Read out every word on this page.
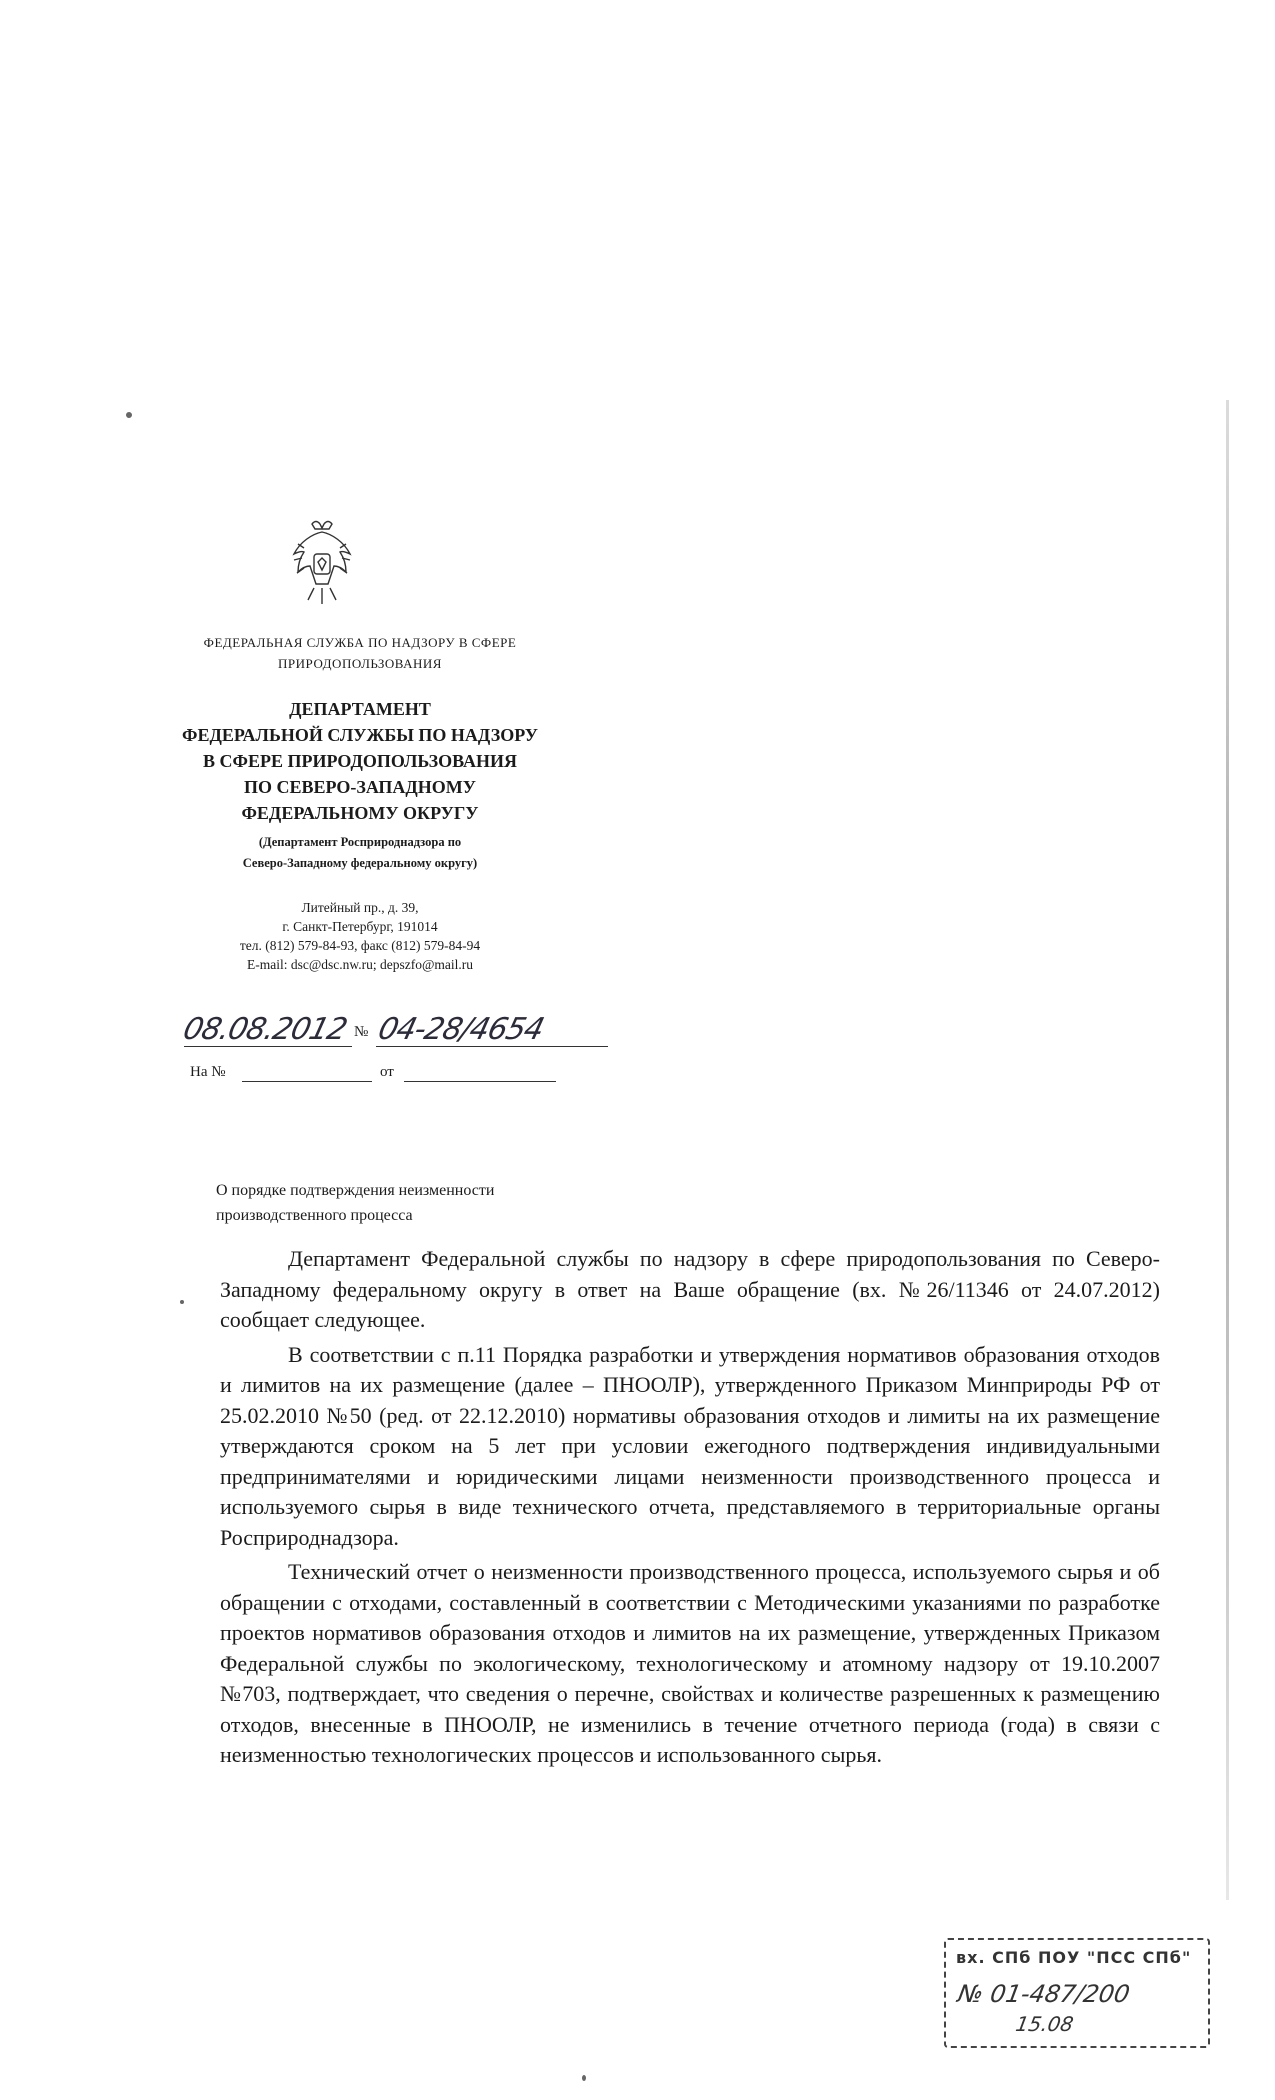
ФЕДЕРАЛЬНАЯ СЛУЖБА ПО НАДЗОРУ В СФЕРЕ
ПРИРОДОПОЛЬЗОВАНИЯ
ДЕПАРТАМЕНТ
ФЕДЕРАЛЬНОЙ СЛУЖБЫ ПО НАДЗОРУ
В СФЕРЕ ПРИРОДОПОЛЬЗОВАНИЯ
ПО СЕВЕРО-ЗАПАДНОМУ
ФЕДЕРАЛЬНОМУ ОКРУГУ
(Департамент Росприроднадзора по
Северо-Западному федеральному округу)
Литейный пр., д. 39,
г. Санкт-Петербург, 191014
тел. (812) 579-84-93, факс (812) 579-84-94
E-mail: dsc@dsc.nw.ru; depszfo@mail.ru
08.08.2012 № 04-28/4654
На №	от
О порядке подтверждения неизменности
производственного процесса

Департамент Федеральной службы по надзору в сфере природопользования по Северо-Западному федеральному округу в ответ на Ваше обращение (вх. №26/11346 от 24.07.2012) сообщает следующее.

В соответствии с п.11 Порядка разработки и утверждения нормативов образования отходов и лимитов на их размещение (далее – ПНООЛР), утвержденного Приказом Минприроды РФ от 25.02.2010 №50 (ред. от 22.12.2010) нормативы образования отходов и лимиты на их размещение утверждаются сроком на 5 лет при условии ежегодного подтверждения индивидуальными предпринимателями и юридическими лицами неизменности производственного процесса и используемого сырья в виде технического отчета, представляемого в территориальные органы Росприроднадзора.

Технический отчет о неизменности производственного процесса, используемого сырья и об обращении с отходами, составленный в соответствии с Методическими указаниями по разработке проектов нормативов образования отходов и лимитов на их размещение, утвержденных Приказом Федеральной службы по экологическому, технологическому и атомному надзору от 19.10.2007 №703, подтверждает, что сведения о перечне, свойствах и количестве разрешенных к размещению отходов, внесенные в ПНООЛР, не изменились в течение отчетного периода (года) в связи с неизменностью технологических процессов и использованного сырья.

вх. СПб ПОУ "ПСС СПб"
№ 01-487/200
15.08
